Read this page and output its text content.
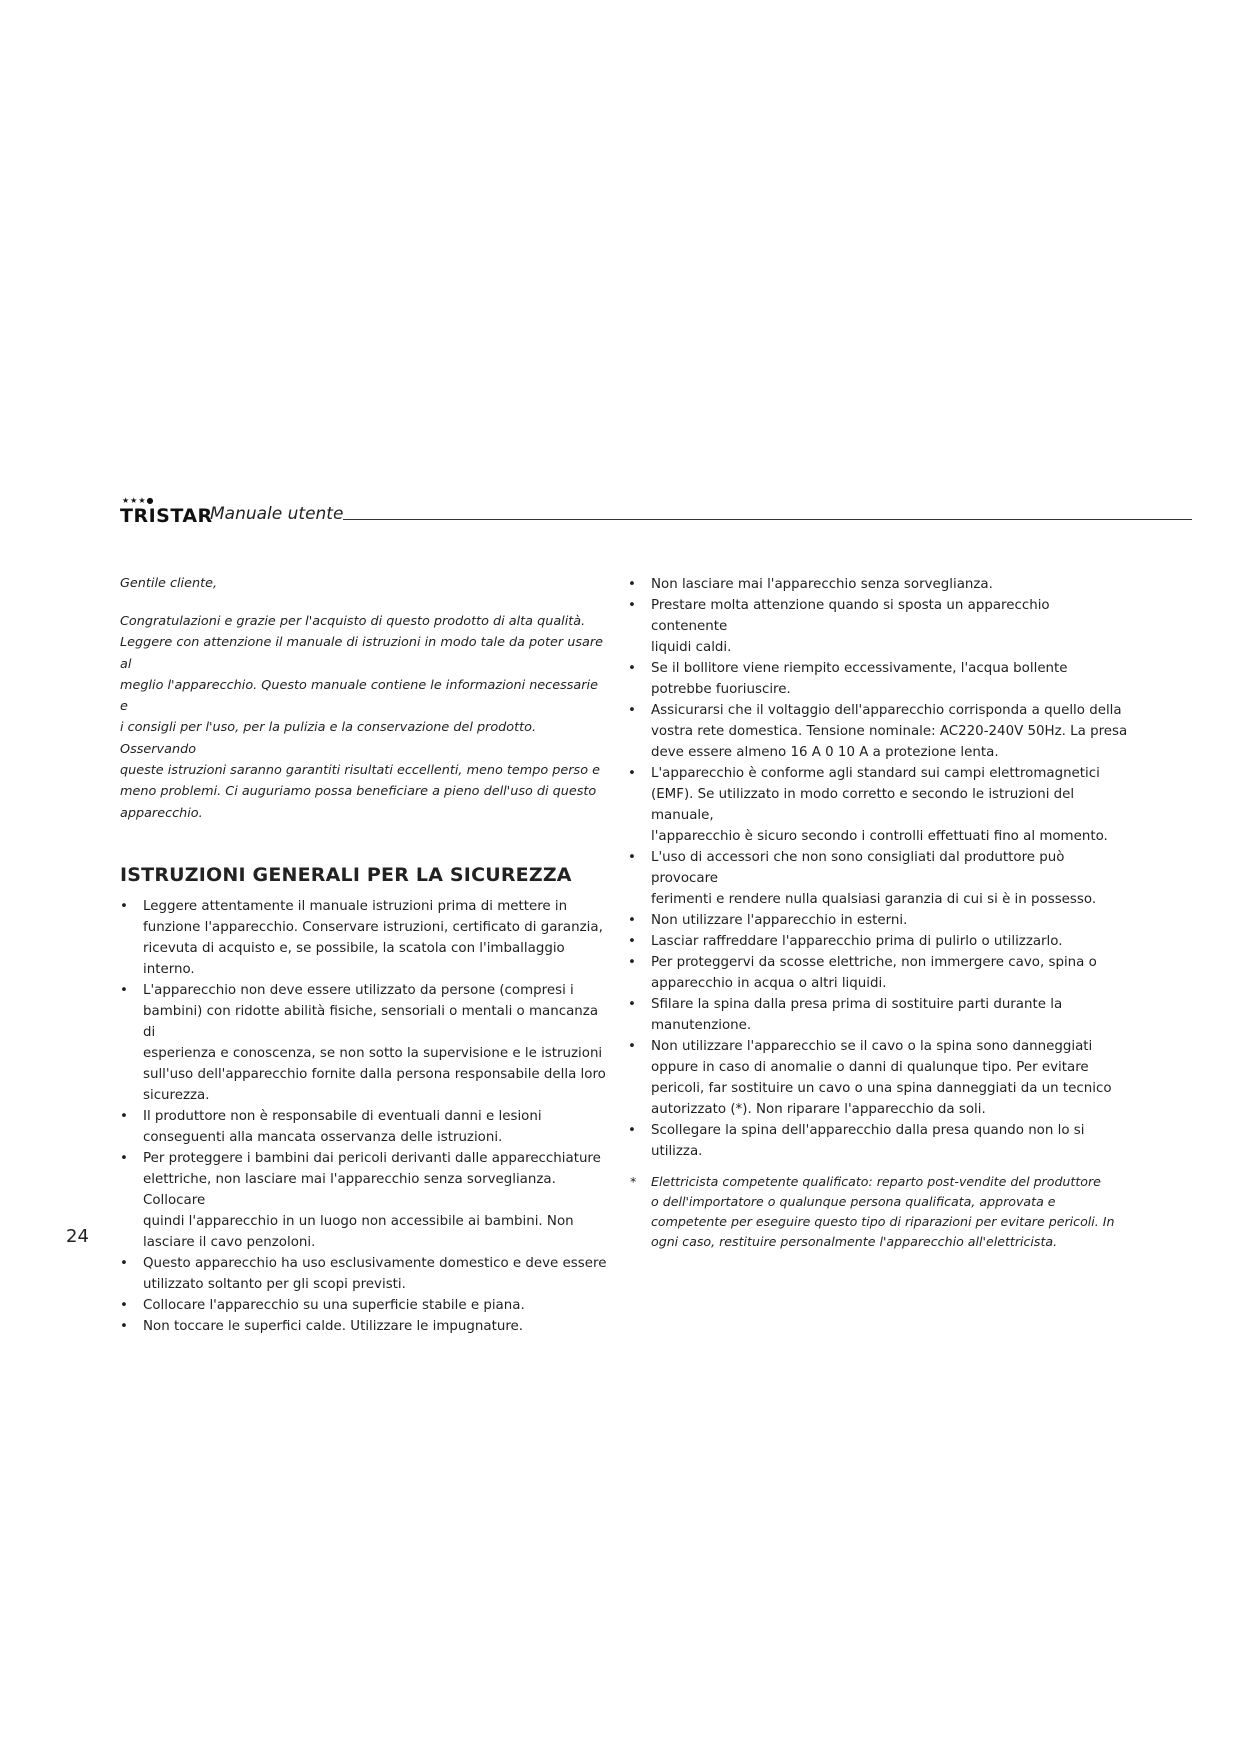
★★★●
TRISTAR
Manuale utente

Gentile cliente,

Congratulazioni e grazie per l'acquisto di questo prodotto di alta qualità.
Leggere con attenzione il manuale di istruzioni in modo tale da poter usare al
meglio l'apparecchio. Questo manuale contiene le informazioni necessarie e
i consigli per l'uso, per la pulizia e la conservazione del prodotto. Osservando
queste istruzioni saranno garantiti risultati eccellenti, meno tempo perso e
meno problemi. Ci auguriamo possa beneficiare a pieno dell'uso di questo
apparecchio.

ISTRUZIONI GENERALI PER LA SICUREZZA
•	Leggere attentamente il manuale istruzioni prima di mettere in
funzione l'apparecchio. Conservare istruzioni, certificato di garanzia,
ricevuta di acquisto e, se possibile, la scatola con l'imballaggio interno.
•	L'apparecchio non deve essere utilizzato da persone (compresi i
bambini) con ridotte abilità fisiche, sensoriali o mentali o mancanza di
esperienza e conoscenza, se non sotto la supervisione e le istruzioni
sull'uso dell'apparecchio fornite dalla persona responsabile della loro
sicurezza.
•	Il produttore non è responsabile di eventuali danni e lesioni
conseguenti alla mancata osservanza delle istruzioni.
•	Per proteggere i bambini dai pericoli derivanti dalle apparecchiature
elettriche, non lasciare mai l'apparecchio senza sorveglianza. Collocare
quindi l'apparecchio in un luogo non accessibile ai bambini. Non
lasciare il cavo penzoloni.
•	Questo apparecchio ha uso esclusivamente domestico e deve essere
utilizzato soltanto per gli scopi previsti.
•	Collocare l'apparecchio su una superficie stabile e piana.
•	Non toccare le superfici calde. Utilizzare le impugnature.
•	Non lasciare mai l'apparecchio senza sorveglianza.
•	Prestare molta attenzione quando si sposta un apparecchio contenente
liquidi caldi.
•	Se il bollitore viene riempito eccessivamente, l'acqua bollente
potrebbe fuoriuscire.
•	Assicurarsi che il voltaggio dell'apparecchio corrisponda a quello della
vostra rete domestica. Tensione nominale: AC220-240V 50Hz. La presa
deve essere almeno 16 A 0 10 A a protezione lenta.
•	L'apparecchio è conforme agli standard sui campi elettromagnetici
(EMF). Se utilizzato in modo corretto e secondo le istruzioni del manuale,
l'apparecchio è sicuro secondo i controlli effettuati fino al momento.
•	L'uso di accessori che non sono consigliati dal produttore può provocare
ferimenti e rendere nulla qualsiasi garanzia di cui si è in possesso.
•	Non utilizzare l'apparecchio in esterni.
•	Lasciar raffreddare l'apparecchio prima di pulirlo o utilizzarlo.
•	Per proteggervi da scosse elettriche, non immergere cavo, spina o
apparecchio in acqua o altri liquidi.
•	Sfilare la spina dalla presa prima di sostituire parti durante la
manutenzione.
•	Non utilizzare l'apparecchio se il cavo o la spina sono danneggiati
oppure in caso di anomalie o danni di qualunque tipo. Per evitare
pericoli, far sostituire un cavo o una spina danneggiati da un tecnico
autorizzato (*). Non riparare l'apparecchio da soli.
•	Scollegare la spina dell'apparecchio dalla presa quando non lo si
utilizza.
* Elettricista competente qualificato: reparto post-vendite del produttore
o dell'importatore o qualunque persona qualificata, approvata e
competente per eseguire questo tipo di riparazioni per evitare pericoli. In
ogni caso, restituire personalmente l'apparecchio all'elettricista.
24
